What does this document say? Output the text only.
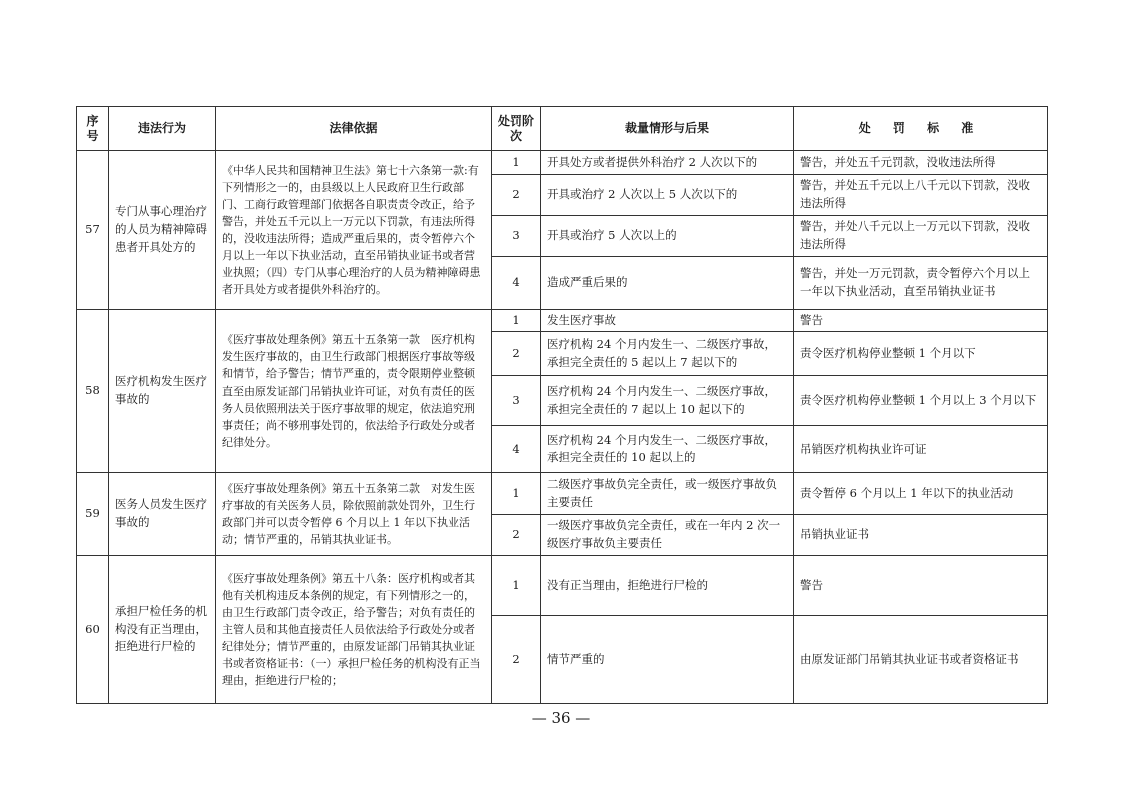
序号	违法行为	法律依据	处罚阶次	裁量情形与后果	处 罚 标 准
57	专门从事心理治疗的人员为精神障碍患者开具处方的	《中华人民共和国精神卫生法》第七十六条第一款:有下列情形之一的，由县级以上人民政府卫生行政部门、工商行政管理部门依据各自职责责令改正，给予警告，并处五千元以上一万元以下罚款，有违法所得的，没收违法所得；造成严重后果的，责令暂停六个月以上一年以下执业活动，直至吊销执业证书或者营业执照；（四）专门从事心理治疗的人员为精神障碍患者开具处方或者提供外科治疗的。	1	开具处方或者提供外科治疗 2 人次以下的	警告，并处五千元罚款，没收违法所得
			2	开具或治疗 2 人次以上 5 人次以下的	警告，并处五千元以上八千元以下罚款，没收违法所得
			3	开具或治疗 5 人次以上的	警告，并处八千元以上一万元以下罚款，没收违法所得
			4	造成严重后果的	警告，并处一万元罚款，责令暂停六个月以上一年以下执业活动，直至吊销执业证书
58	医疗机构发生医疗事故的	《医疗事故处理条例》第五十五条第一款　医疗机构发生医疗事故的，由卫生行政部门根据医疗事故等级和情节，给予警告；情节严重的，责令限期停业整顿直至由原发证部门吊销执业许可证，对负有责任的医务人员依照刑法关于医疗事故罪的规定，依法追究刑事责任；尚不够刑事处罚的，依法给予行政处分或者纪律处分。	1	发生医疗事故	警告
			2	医疗机构 24 个月内发生一、二级医疗事故，承担完全责任的 5 起以上 7 起以下的	责令医疗机构停业整顿 1 个月以下
			3	医疗机构 24 个月内发生一、二级医疗事故，承担完全责任的 7 起以上 10 起以下的	责令医疗机构停业整顿 1 个月以上 3 个月以下
			4	医疗机构 24 个月内发生一、二级医疗事故，承担完全责任的 10 起以上的	吊销医疗机构执业许可证
59	医务人员发生医疗事故的	《医疗事故处理条例》第五十五条第二款　对发生医疗事故的有关医务人员，除依照前款处罚外，卫生行政部门并可以责令暂停 6 个月以上 1 年以下执业活动；情节严重的，吊销其执业证书。	1	二级医疗事故负完全责任，或一级医疗事故负主要责任	责令暂停 6 个月以上 1 年以下的执业活动
			2	一级医疗事故负完全责任，或在一年内 2 次一级医疗事故负主要责任	吊销执业证书
60	承担尸检任务的机构没有正当理由，拒绝进行尸检的	《医疗事故处理条例》第五十八条：医疗机构或者其他有关机构违反本条例的规定，有下列情形之一的，由卫生行政部门责令改正，给予警告；对负有责任的主管人员和其他直接责任人员依法给予行政处分或者纪律处分；情节严重的，由原发证部门吊销其执业证书或者资格证书：（一）承担尸检任务的机构没有正当理由，拒绝进行尸检的；	1	没有正当理由，拒绝进行尸检的	警告
			2	情节严重的	由原发证部门吊销其执业证书或者资格证书
— 36 —
